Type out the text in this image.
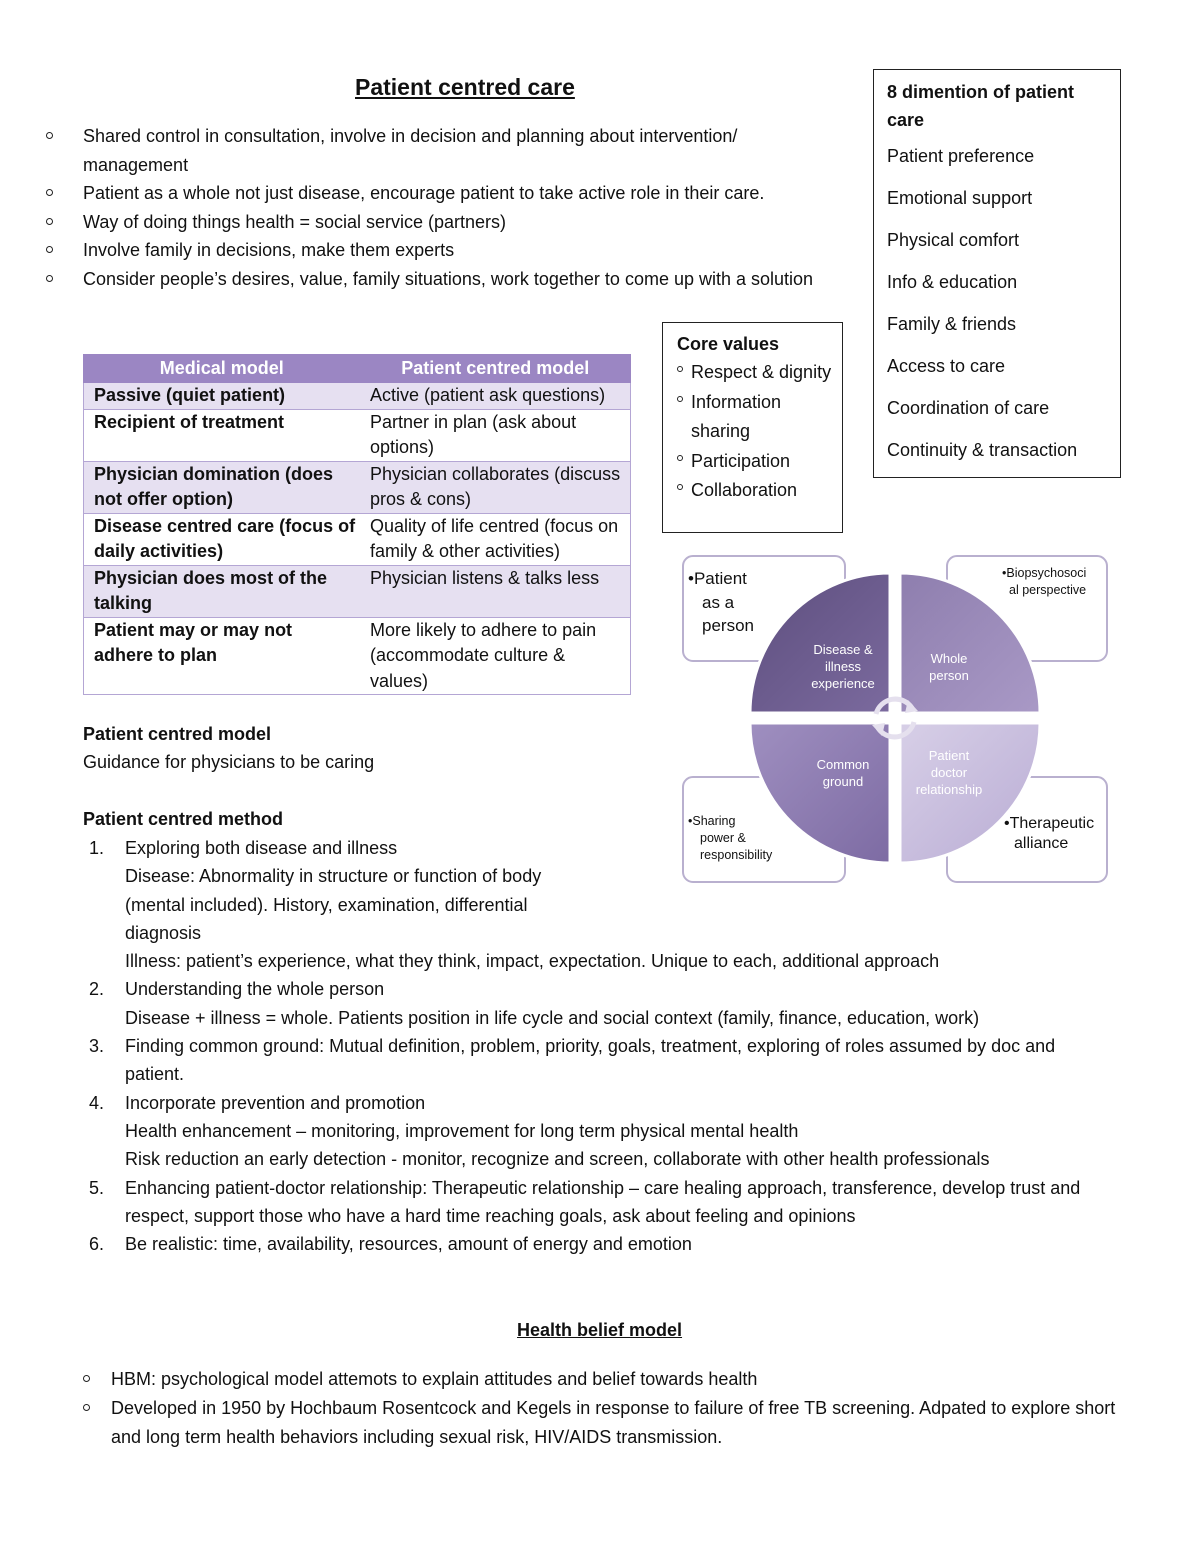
Patient centred care
Shared control in consultation, involve in decision and planning about intervention/ management
Patient as a whole not just disease, encourage patient to take active role in their care.
Way of doing things health = social service (partners)
Involve family in decisions, make them experts
Consider people’s desires, value, family situations, work together to come up with a solution
8 dimention of patient care
Patient preference
Emotional support
Physical comfort
Info & education
Family & friends
Access to care
Coordination of care
Continuity & transaction
Core values
Respect & dignity
Information sharing
Participation
Collaboration
Medical model	Patient centred model
Passive (quiet patient)	Active (patient ask questions)
Recipient of treatment	Partner in plan (ask about options)
Physician domination (does not offer option)	Physician collaborates (discuss pros & cons)
Disease centred care (focus of daily activities)	Quality of life centred (focus on family & other activities)
Physician does most of the talking	Physician listens & talks less
Patient may or may not adhere to plan	More likely to adhere to pain (accommodate culture & values)
Disease & illness experience
Whole person
Common ground
Patient doctor relationship
•Patient as a person
•Biopsychosoci al perspective
•Sharing power & responsibility
•Therapeutic alliance
Patient centred model
Guidance for physicians to be caring
Patient centred method
1. Exploring both disease and illness
Disease: Abnormality in structure or function of body
(mental included). History, examination, differential
diagnosis
Illness: patient’s experience, what they think, impact, expectation. Unique to each, additional approach
2. Understanding the whole person
Disease + illness = whole. Patients position in life cycle and social context (family, finance, education, work)
3. Finding common ground: Mutual definition, problem, priority, goals, treatment, exploring of roles assumed by doc and patient.
4. Incorporate prevention and promotion
Health enhancement – monitoring, improvement for long term physical mental health
Risk reduction an early detection - monitor, recognize and screen, collaborate with other health professionals
5. Enhancing patient-doctor relationship: Therapeutic relationship – care healing approach, transference, develop trust and respect, support those who have a hard time reaching goals, ask about feeling and opinions
6. Be realistic: time, availability, resources, amount of energy and emotion
Health belief model
HBM: psychological model attemots to explain attitudes and belief towards health
Developed in 1950 by Hochbaum Rosentcock and Kegels in response to failure of free TB screening. Adpated to explore short and long term health behaviors including sexual risk, HIV/AIDS transmission.
